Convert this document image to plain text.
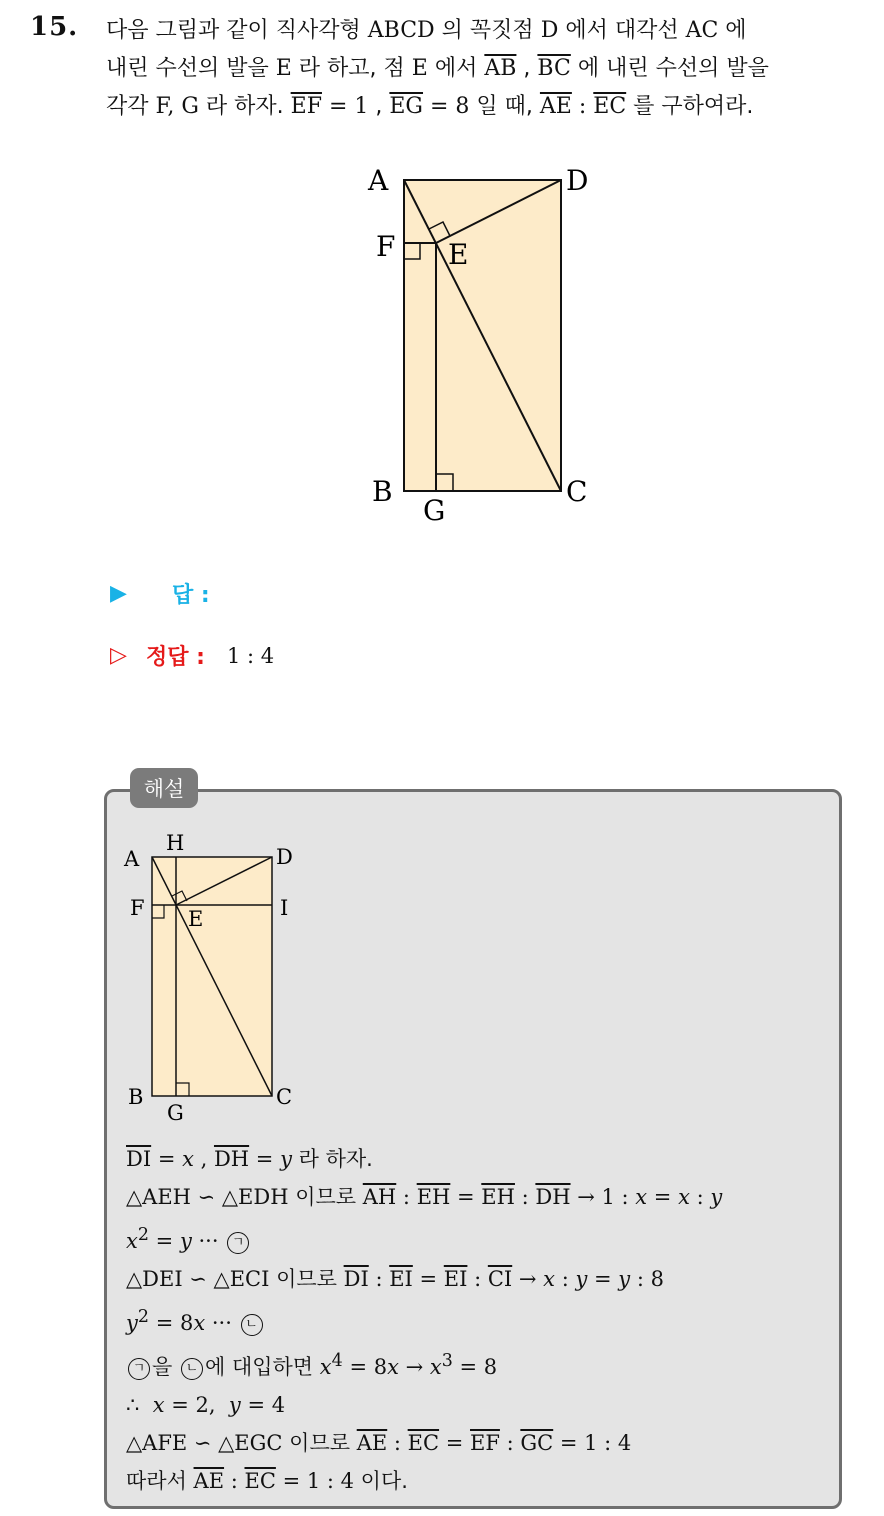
15. 다음 그림과 같이 직사각형 ABCD 의 꼭짓점 D 에서 대각선 AC 에
내린 수선의 발을 E 라 하고, 점 E 에서 $\overline{AB}$ , $\overline{BC}$ 에 내린 수선의 발을
각각 F, G 라 하자. $\overline{EF} = 1$ , $\overline{EG} = 8$ 일 때, $\overline{AE}$ : $\overline{EC}$ 를 구하여라.
A	D
F E
B	C
G
▶	답 :
▷ 정답 : 1 : 4
해설
A
H
D
F E	I
B	C
G
$\overline{DI} = x$ , $\overline{DH} = y$ 라 하자.
△AEH ∽ △EDH 이므로 $\overline{AH}$ : $\overline{EH} = \overline{EH}$ : $\overline{DH} \to 1$ : x = x : y
$x^2 = y$ ··· ㄱ
△DEI ∽ △ECI 이므로 $\overline{DI}$ : $\overline{EI} = \overline{EI}$ : $\overline{CI} \to x$ : y = y : 8
$y^2 = 8x$ ··· ㄴ
ㄱ 을 ㄴ 에 대입하면 $x^4 = 8x \to x^3 = 8$
∴  x = 2,  y = 4
△AFE ∽ △EGC 이므로 $\overline{AE}$ : $\overline{EC} = \overline{EF}$ : $\overline{GC} = 1$ : 4
따라서 $\overline{AE}$ : $\overline{EC} = 1$ : 4 이다.
